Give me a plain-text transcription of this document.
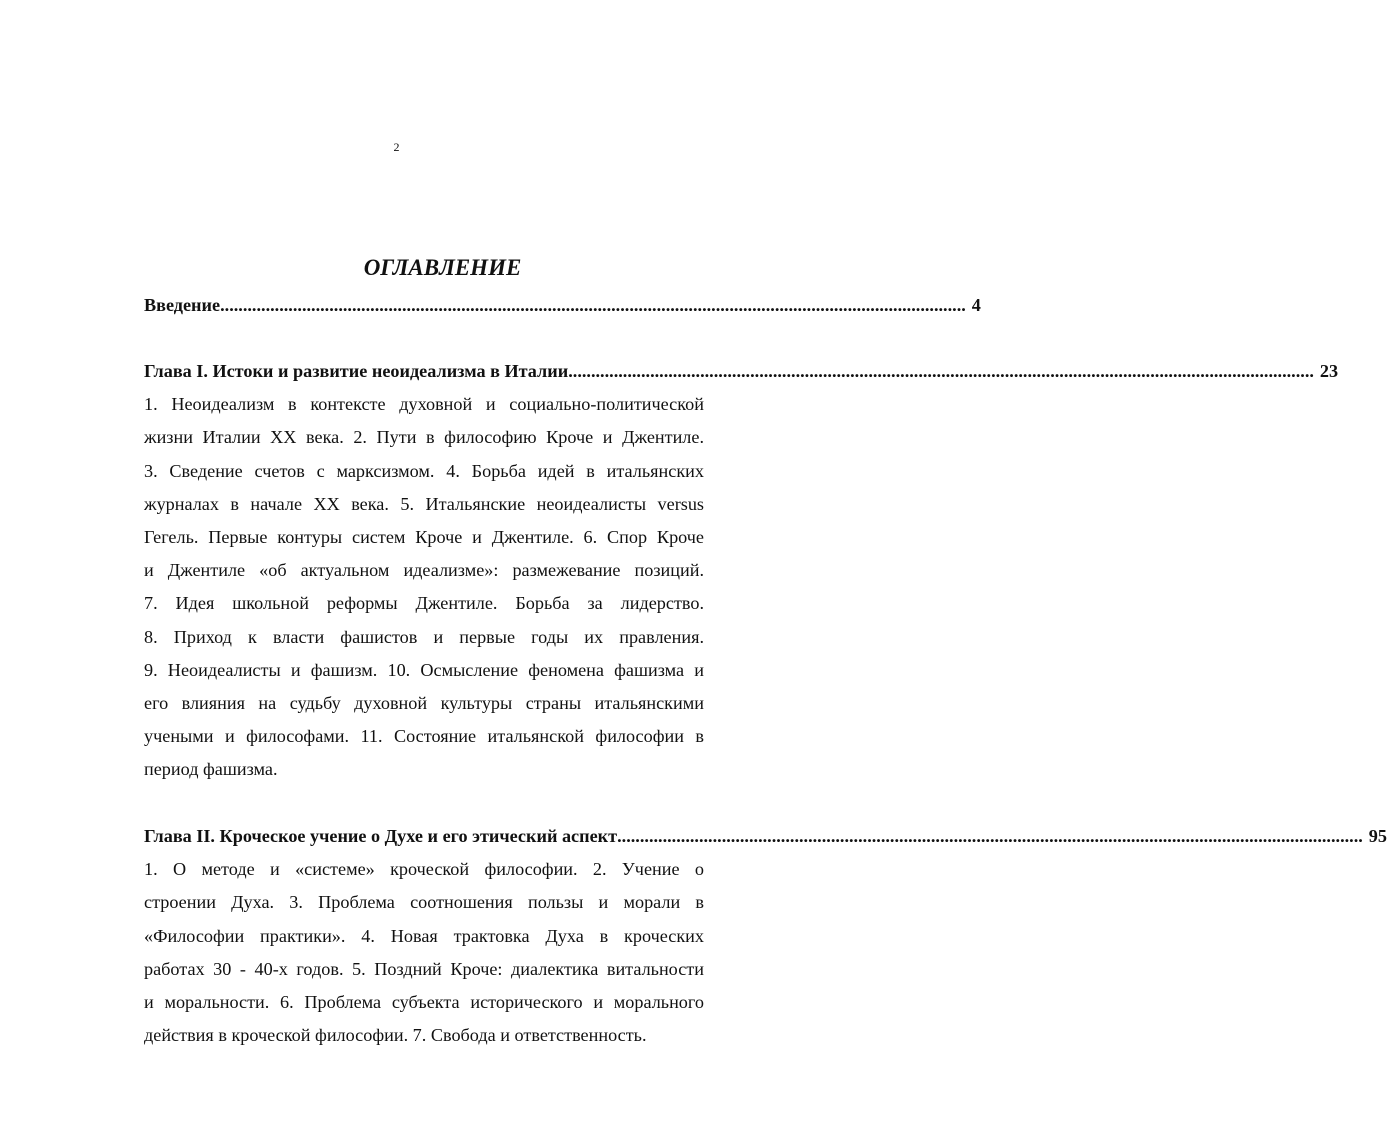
2
ОГЛАВЛЕНИЕ
Введение .................................................................................................................................................................... 4
Глава I. Истоки и развитие неоидеализма в Италии .................................................................................................................................................................... 23
1. Неоидеализм в контексте духовной и социально-политической
жизни Италии XX века. 2. Пути в философию Кроче и Джентиле.
3. Сведение счетов с марксизмом. 4. Борьба идей в итальянских
журналах в начале XX века. 5. Итальянские неоидеалисты versus
Гегель. Первые контуры систем Кроче и Джентиле. 6. Спор Кроче
и Джентиле «об актуальном идеализме»: размежевание позиций.
7. Идея школьной реформы Джентиле. Борьба за лидерство.
8. Приход к власти фашистов и первые годы их правления.
9. Неоидеалисты и фашизм. 10. Осмысление феномена фашизма и
его влияния на судьбу духовной культуры страны итальянскими
учеными и философами. 11. Состояние итальянской философии в
период фашизма.
Глава II. Кроческое учение о Духе и его этический аспект .................................................................................................................................................................... 95
1. О методе и «системе» кроческой философии. 2. Учение о
строении Духа. 3. Проблема соотношения пользы и морали в
«Философии практики». 4. Новая трактовка Духа в кроческих
работах 30 - 40-х годов. 5. Поздний Кроче: диалектика витальности
и моральности. 6. Проблема субъекта исторического и морального
действия в кроческой философии. 7. Свобода и ответственность.
